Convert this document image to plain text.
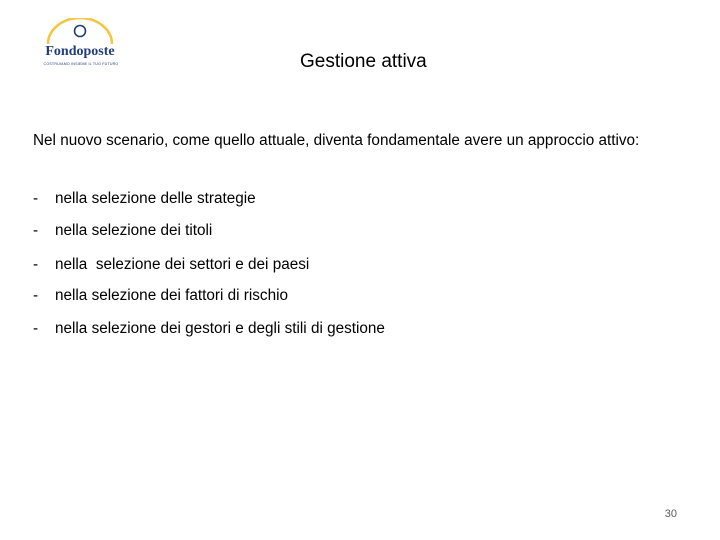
Fondoposte
COSTRUIAMO INSIEME IL TUO FUTURO	Gestione attiva
Nel nuovo scenario, come quello attuale, diventa fondamentale avere un approccio attivo:
- nella selezione delle strategie
- nella selezione dei titoli
- nella  selezione dei settori e dei paesi
- nella selezione dei fattori di rischio
- nella selezione dei gestori e degli stili di gestione
30
